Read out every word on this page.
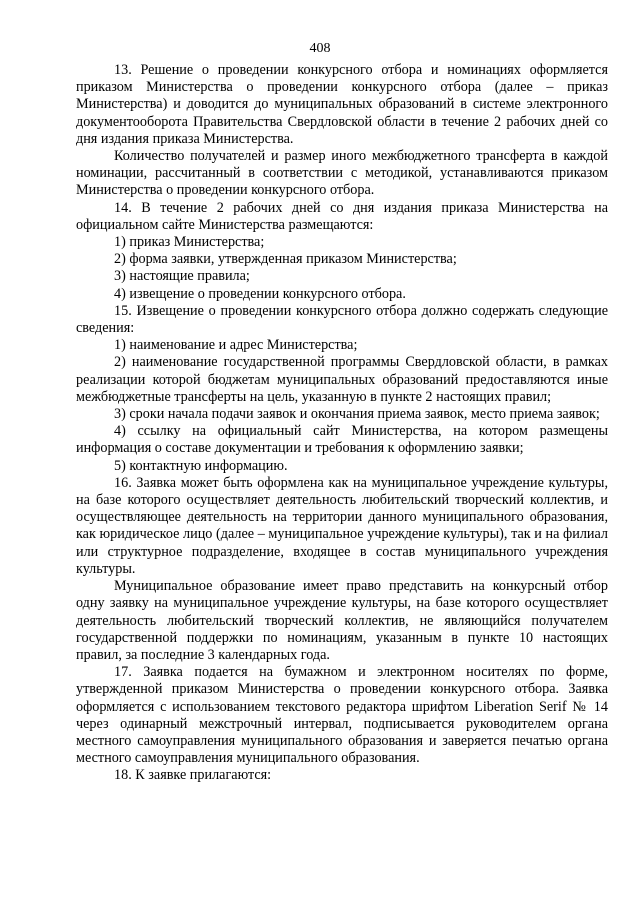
408

13. Решение о проведении конкурсного отбора и номинациях оформляется приказом Министерства о проведении конкурсного отбора (далее – приказ Министерства) и доводится до муниципальных образований в системе электронного документооборота Правительства Свердловской области в течение 2 рабочих дней со дня издания приказа Министерства.

Количество получателей и размер иного межбюджетного трансферта в каждой номинации, рассчитанный в соответствии с методикой, устанавливаются приказом Министерства о проведении конкурсного отбора.

14. В течение 2 рабочих дней со дня издания приказа Министерства на официальном сайте Министерства размещаются:

1) приказ Министерства;

2) форма заявки, утвержденная приказом Министерства;

3) настоящие правила;

4) извещение о проведении конкурсного отбора.

15. Извещение о проведении конкурсного отбора должно содержать следующие сведения:

1) наименование и адрес Министерства;

2) наименование государственной программы Свердловской области, в рамках реализации которой бюджетам муниципальных образований предоставляются иные межбюджетные трансферты на цель, указанную в пункте 2 настоящих правил;

3) сроки начала подачи заявок и окончания приема заявок, место приема заявок;

4) ссылку на официальный сайт Министерства, на котором размещены информация о составе документации и требования к оформлению заявки;

5) контактную информацию.

16. Заявка может быть оформлена как на муниципальное учреждение культуры, на базе которого осуществляет деятельность любительский творческий коллектив, и осуществляющее деятельность на территории данного муниципального образования, как юридическое лицо (далее – муниципальное учреждение культуры), так и на филиал или структурное подразделение, входящее в состав муниципального учреждения культуры.

Муниципальное образование имеет право представить на конкурсный отбор одну заявку на муниципальное учреждение культуры, на базе которого осуществляет деятельность любительский творческий коллектив, не являющийся получателем государственной поддержки по номинациям, указанным в пункте 10 настоящих правил, за последние 3 календарных года.

17. Заявка подается на бумажном и электронном носителях по форме, утвержденной приказом Министерства о проведении конкурсного отбора. Заявка оформляется с использованием текстового редактора шрифтом Liberation Serif № 14 через одинарный межстрочный интервал, подписывается руководителем органа местного самоуправления муниципального образования и заверяется печатью органа местного самоуправления муниципального образования.

18. К заявке прилагаются:
